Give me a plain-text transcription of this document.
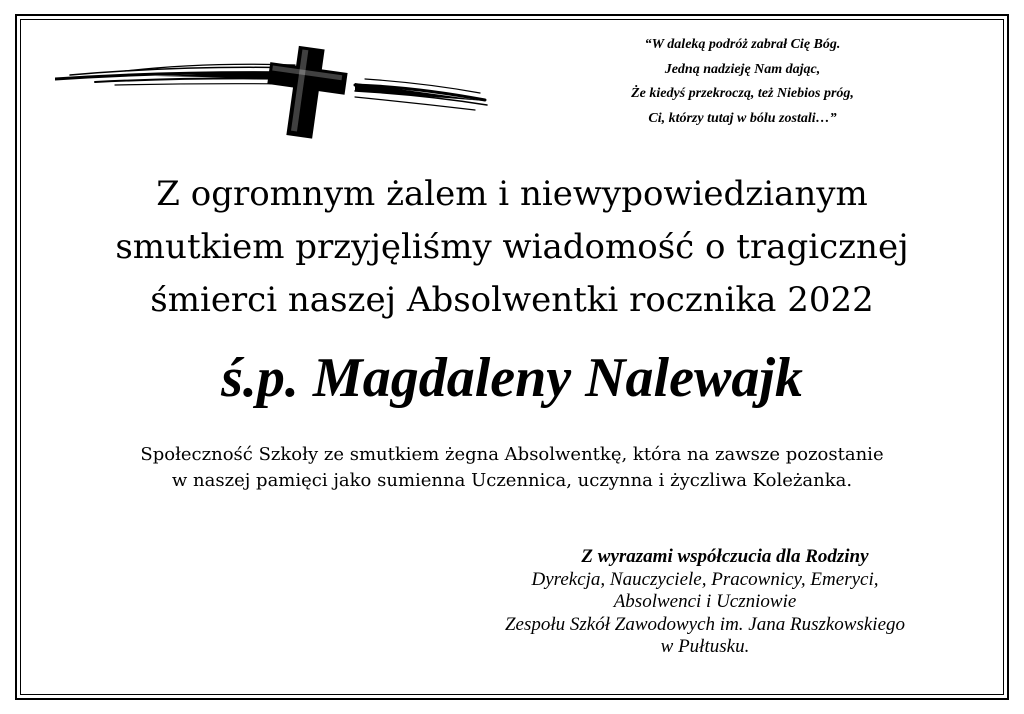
“W daleką podróż zabrał Cię Bóg.
Jedną nadzieję Nam dając,
Że kiedyś przekroczą, też Niebios próg,
Ci, którzy tutaj w bólu zostali…”
Z ogromnym żalem i niewypowiedzianym
smutkiem przyjęliśmy wiadomość o tragicznej
śmierci naszej Absolwentki rocznika 2022
ś.p. Magdaleny Nalewajk
Społeczność Szkoły ze smutkiem żegna Absolwentkę, która na zawsze pozostanie
w naszej pamięci jako sumienna Uczennica, uczynna i życzliwa Koleżanka.
Z wyrazami współczucia dla Rodziny
Dyrekcja, Nauczyciele, Pracownicy, Emeryci,
Absolwenci i Uczniowie
Zespołu Szkół Zawodowych im. Jana Ruszkowskiego
w Pułtusku.
